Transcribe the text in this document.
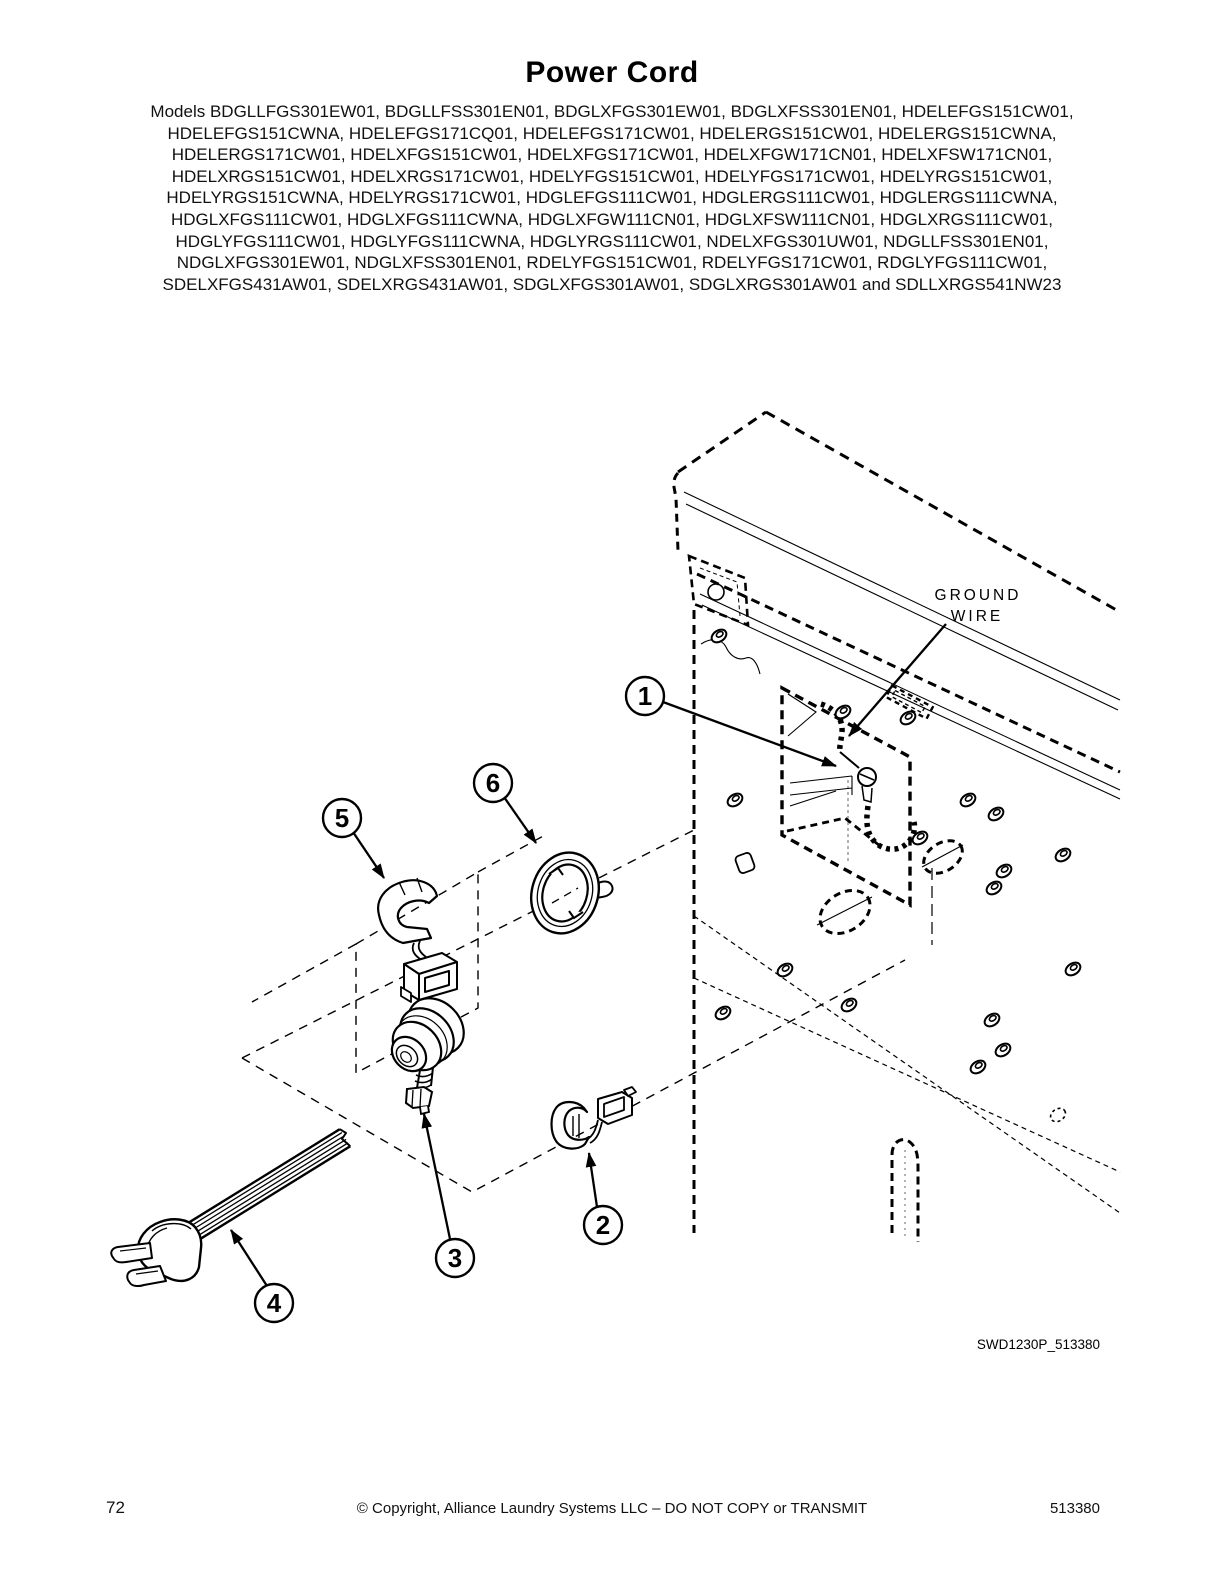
Power Cord
Models BDGLLFGS301EW01, BDGLLFSS301EN01, BDGLXFGS301EW01, BDGLXFSS301EN01, HDELEFGS151CW01,
HDELEFGS151CWNA, HDELEFGS171CQ01, HDELEFGS171CW01, HDELERGS151CW01, HDELERGS151CWNA,
HDELERGS171CW01, HDELXFGS151CW01, HDELXFGS171CW01, HDELXFGW171CN01, HDELXFSW171CN01,
HDELXRGS151CW01, HDELXRGS171CW01, HDELYFGS151CW01, HDELYFGS171CW01, HDELYRGS151CW01,
HDELYRGS151CWNA, HDELYRGS171CW01, HDGLEFGS111CW01, HDGLERGS111CW01, HDGLERGS111CWNA,
HDGLXFGS111CW01, HDGLXFGS111CWNA, HDGLXFGW111CN01, HDGLXFSW111CN01, HDGLXRGS111CW01,
HDGLYFGS111CW01, HDGLYFGS111CWNA, HDGLYRGS111CW01, NDELXFGS301UW01, NDGLLFSS301EN01,
NDGLXFGS301EW01, NDGLXFSS301EN01, RDELYFGS151CW01, RDELYFGS171CW01, RDGLYFGS111CW01,
SDELXFGS431AW01, SDELXRGS431AW01, SDGLXFGS301AW01, SDGLXRGS301AW01 and SDLLXRGS541NW23
1
2
3
4
5
6
GROUND
WIRE
SWD1230P_513380
72	© Copyright, Alliance Laundry Systems LLC – DO NOT COPY or TRANSMIT	513380
